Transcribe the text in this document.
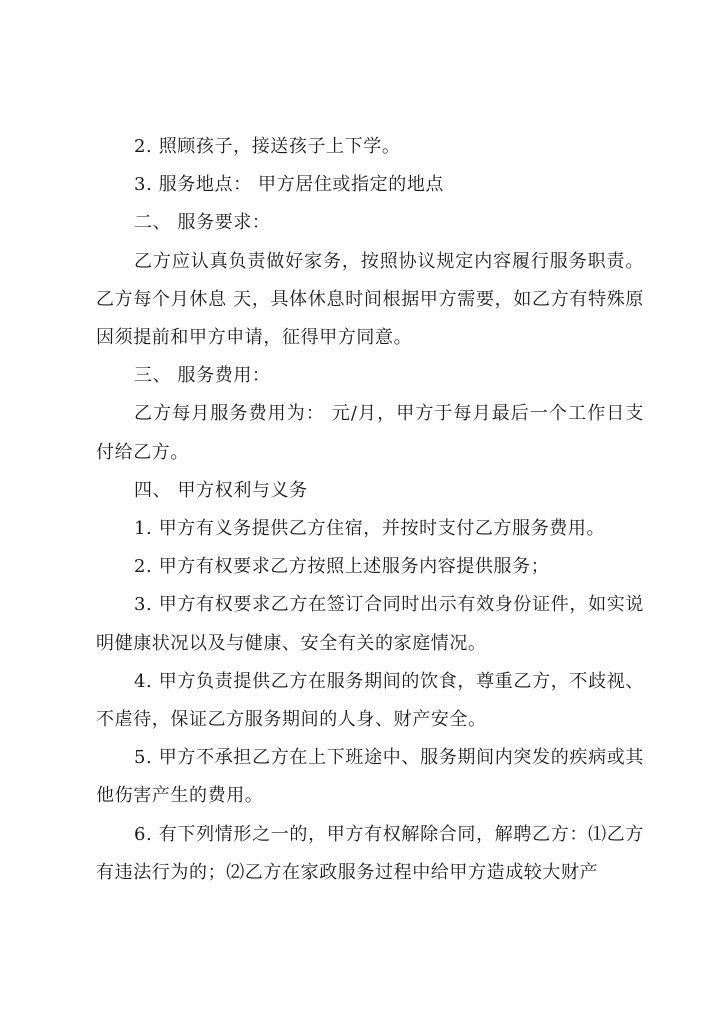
2. 照顾孩子，接送孩子上下学。

3. 服务地点： 甲方居住或指定的地点

二、 服务要求：

乙方应认真负责做好家务，按照协议规定内容履行服务职责。乙方每个月休息 天，具体休息时间根据甲方需要，如乙方有特殊原因须提前和甲方申请，征得甲方同意。

三、 服务费用：

乙方每月服务费用为： 元/月，甲方于每月最后一个工作日支付给乙方。

四、 甲方权利与义务

1. 甲方有义务提供乙方住宿，并按时支付乙方服务费用。

2. 甲方有权要求乙方按照上述服务内容提供服务；

3. 甲方有权要求乙方在签订合同时出示有效身份证件，如实说明健康状况以及与健康、安全有关的家庭情况。

4. 甲方负责提供乙方在服务期间的饮食，尊重乙方，不歧视、不虐待，保证乙方服务期间的人身、财产安全。

5. 甲方不承担乙方在上下班途中、服务期间内突发的疾病或其他伤害产生的费用。

6. 有下列情形之一的，甲方有权解除合同，解聘乙方：⑴乙方有违法行为的；⑵乙方在家政服务过程中给甲方造成较大财产
